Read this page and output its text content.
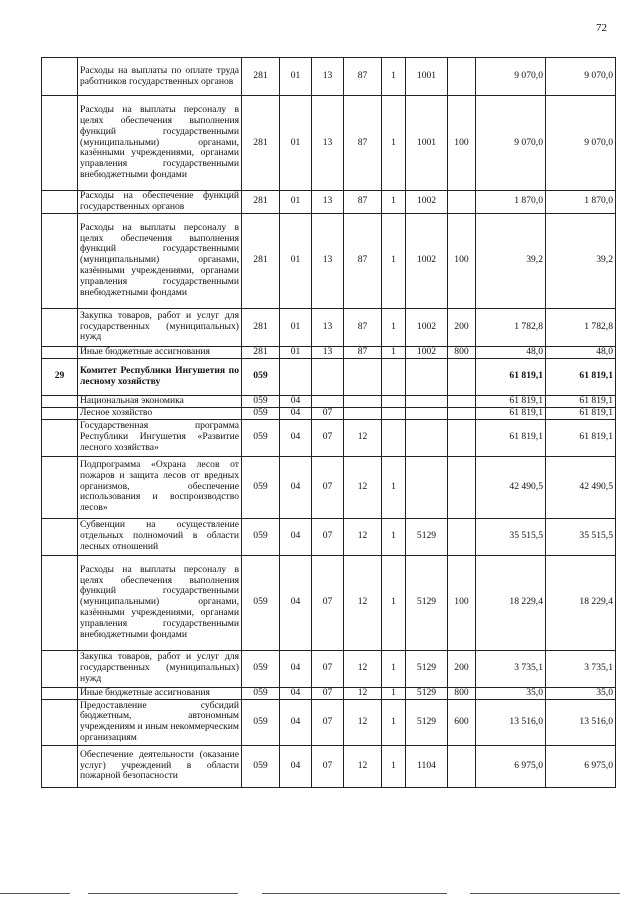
72
	Расходы на выплаты по оплате труда работников государственных органов	281	01	13	87	1	1001		9 070,0	9 070,0
	Расходы на выплаты персоналу в целях обеспечения выполнения функций государственными (муниципальными) органами, казёнными учреждениями, органами управления государственными внебюджетными фондами	281	01	13	87	1	1001	100	9 070,0	9 070,0
	Расходы на обеспечение функций государственных органов	281	01	13	87	1	1002		1 870,0	1 870,0
	Расходы на выплаты персоналу в целях обеспечения выполнения функций государственными (муниципальными) органами, казёнными учреждениями, органами управления государственными внебюджетными фондами	281	01	13	87	1	1002	100	39,2	39,2
	Закупка товаров, работ и услуг для государственных (муниципальных) нужд	281	01	13	87	1	1002	200	1 782,8	1 782,8
	Иные бюджетные ассигнования	281	01	13	87	1	1002	800	48,0	48,0
29	Комитет Республики Ингушетия по лесному хозяйству	059							61 819,1	61 819,1
	Национальная экономика	059	04						61 819,1	61 819,1
	Лесное хозяйство	059	04	07					61 819,1	61 819,1
	Государственная программа Республики Ингушетия «Развитие лесного хозяйства»	059	04	07	12				61 819,1	61 819,1
	Подпрограмма «Охрана лесов от пожаров и защита лесов от вредных организмов, обеспечение использования и воспроизводство лесов»	059	04	07	12	1			42 490,5	42 490,5
	Субвенции на осуществление отдельных полномочий в области лесных отношений	059	04	07	12	1	5129		35 515,5	35 515,5
	Расходы на выплаты персоналу в целях обеспечения выполнения функций государственными (муниципальными) органами, казёнными учреждениями, органами управления государственными внебюджетными фондами	059	04	07	12	1	5129	100	18 229,4	18 229,4
	Закупка товаров, работ и услуг для государственных (муниципальных) нужд	059	04	07	12	1	5129	200	3 735,1	3 735,1
	Иные бюджетные ассигнования	059	04	07	12	1	5129	800	35,0	35,0
	Предоставление субсидий бюджетным, автономным учреждениям и иным некоммерческим организациям	059	04	07	12	1	5129	600	13 516,0	13 516,0
	Обеспечение деятельности (оказание услуг) учреждений в области пожарной безопасности	059	04	07	12	1	1104		6 975,0	6 975,0
